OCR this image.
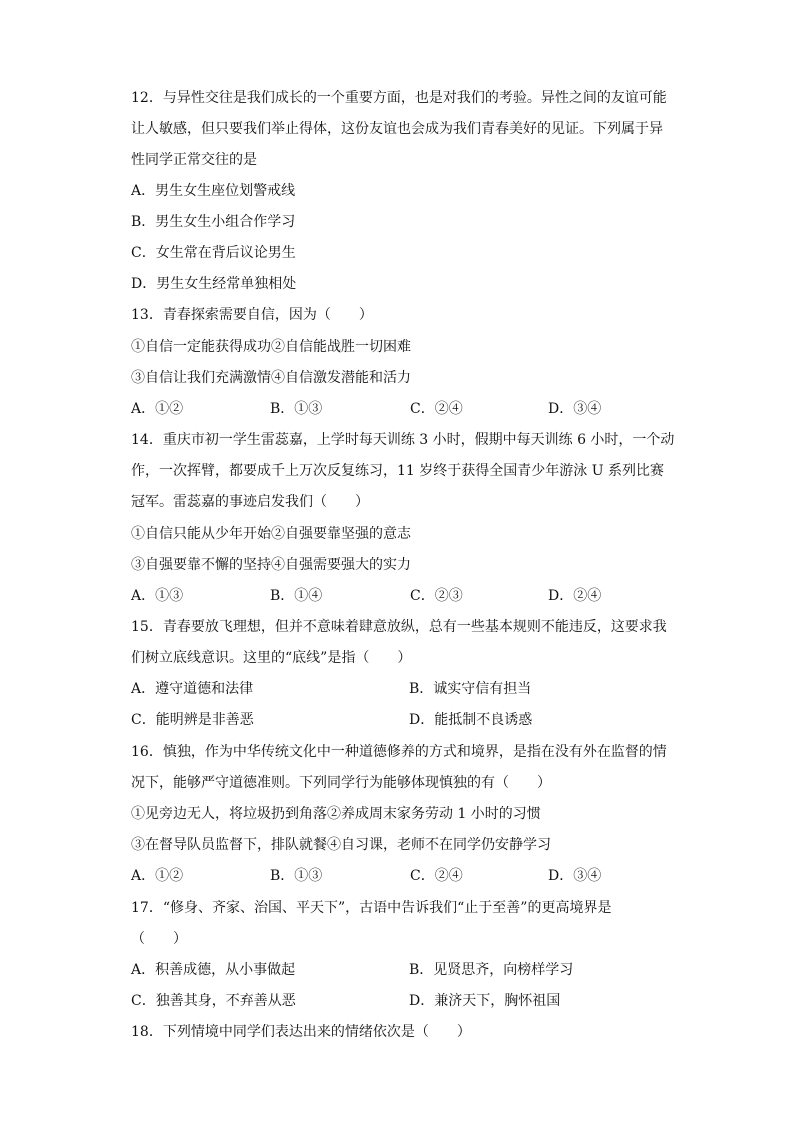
12．与异性交往是我们成长的一个重要方面，也是对我们的考验。异性之间的友谊可能
让人敏感，但只要我们举止得体，这份友谊也会成为我们青春美好的见证。下列属于异
性同学正常交往的是
A．男生女生座位划警戒线
B．男生女生小组合作学习
C．女生常在背后议论男生
D．男生女生经常单独相处
13．青春探索需要自信，因为（　　）
①自信一定能获得成功②自信能战胜一切困难
③自信让我们充满激情④自信激发潜能和活力
A．①②	B．①③	C．②④	D．③④
14．重庆市初一学生雷蕊嘉，上学时每天训练 3 小时，假期中每天训练 6 小时，一个动
作，一次挥臂，都要成千上万次反复练习，11 岁终于获得全国青少年游泳 U 系列比赛
冠军。雷蕊嘉的事迹启发我们（　　）
①自信只能从少年开始②自强要靠坚强的意志
③自强要靠不懈的坚持④自强需要强大的实力
A．①③	B．①④	C．②③	D．②④
15．青春要放飞理想，但并不意味着肆意放纵，总有一些基本规则不能违反，这要求我
们树立底线意识。这里的“底线”是指（　　）
A．遵守道德和法律	B．诚实守信有担当
C．能明辨是非善恶	D．能抵制不良诱惑
16．慎独，作为中华传统文化中一种道德修养的方式和境界，是指在没有外在监督的情
况下，能够严守道德准则。下列同学行为能够体现慎独的有（　　）
①见旁边无人，将垃圾扔到角落②养成周末家务劳动 1 小时的习惯
③在督导队员监督下，排队就餐④自习课，老师不在同学仍安静学习
A．①②	B．①③	C．②④	D．③④
17．“修身、齐家、治国、平天下”，古语中告诉我们“止于至善”的更高境界是
（　　）
A．积善成德，从小事做起	B．见贤思齐，向榜样学习
C．独善其身，不弃善从恶	D．兼济天下，胸怀祖国
18．下列情境中同学们表达出来的情绪依次是（　　）
